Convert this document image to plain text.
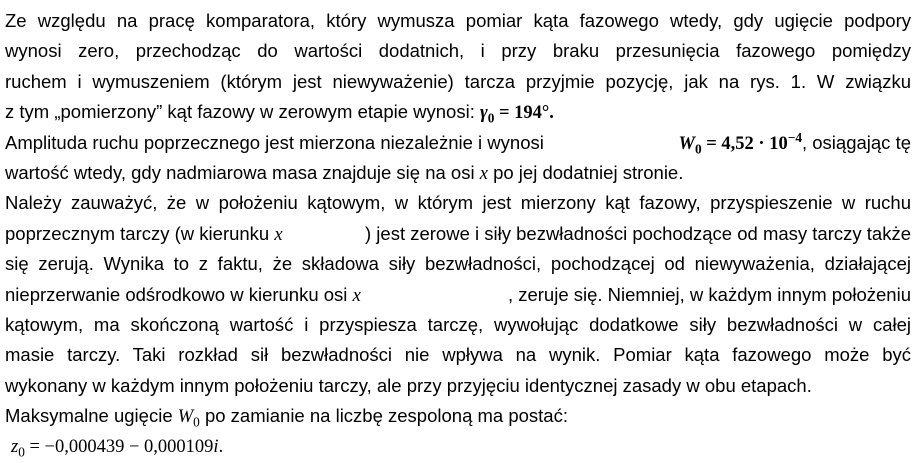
Ze względu na pracę komparatora, który wymusza pomiar kąta fazowego wtedy, gdy ugięcie podpory
wynosi zero, przechodząc do wartości dodatnich, i przy braku przesunięcia fazowego pomiędzy
ruchem i wymuszeniem (którym jest niewyważenie) tarcza przyjmie pozycję, jak na rys. 1. W związku
z tym „pomierzony” kąt fazowy w zerowym etapie wynosi: $\gamma_0 = 194^\circ$.
Amplituda ruchu poprzecznego jest mierzona niezależnie i wynosi	$W_0 = 4,52 \cdot 10^{-4}$, osiągając tę
wartość wtedy, gdy nadmiarowa masa znajduje się na osi x po jej dodatniej stronie.
Należy zauważyć, że w położeniu kątowym, w którym jest mierzony kąt fazowy, przyspieszenie w ruchu
poprzecznym tarczy (w kierunku x	) jest zerowe i siły bezwładności pochodzące od masy tarczy także
się zerują. Wynika to z faktu, że składowa siły bezwładności, pochodzącej od niewyważenia, działającej
nieprzerwanie odśrodkowo w kierunku osi x	, zeruje się. Niemniej, w każdym innym położeniu
kątowym, ma skończoną wartość i przyspiesza tarczę, wywołując dodatkowe siły bezwładności w całej
masie tarczy. Taki rozkład sił bezwładności nie wpływa na wynik. Pomiar kąta fazowego może być
wykonany w każdym innym położeniu tarczy, ale przy przyjęciu identycznej zasady w obu etapach.
Maksymalne ugięcie $W_0$ po zamianie na liczbę zespoloną ma postać:
$z_0 = -0,000439 - 0,000109i$.
